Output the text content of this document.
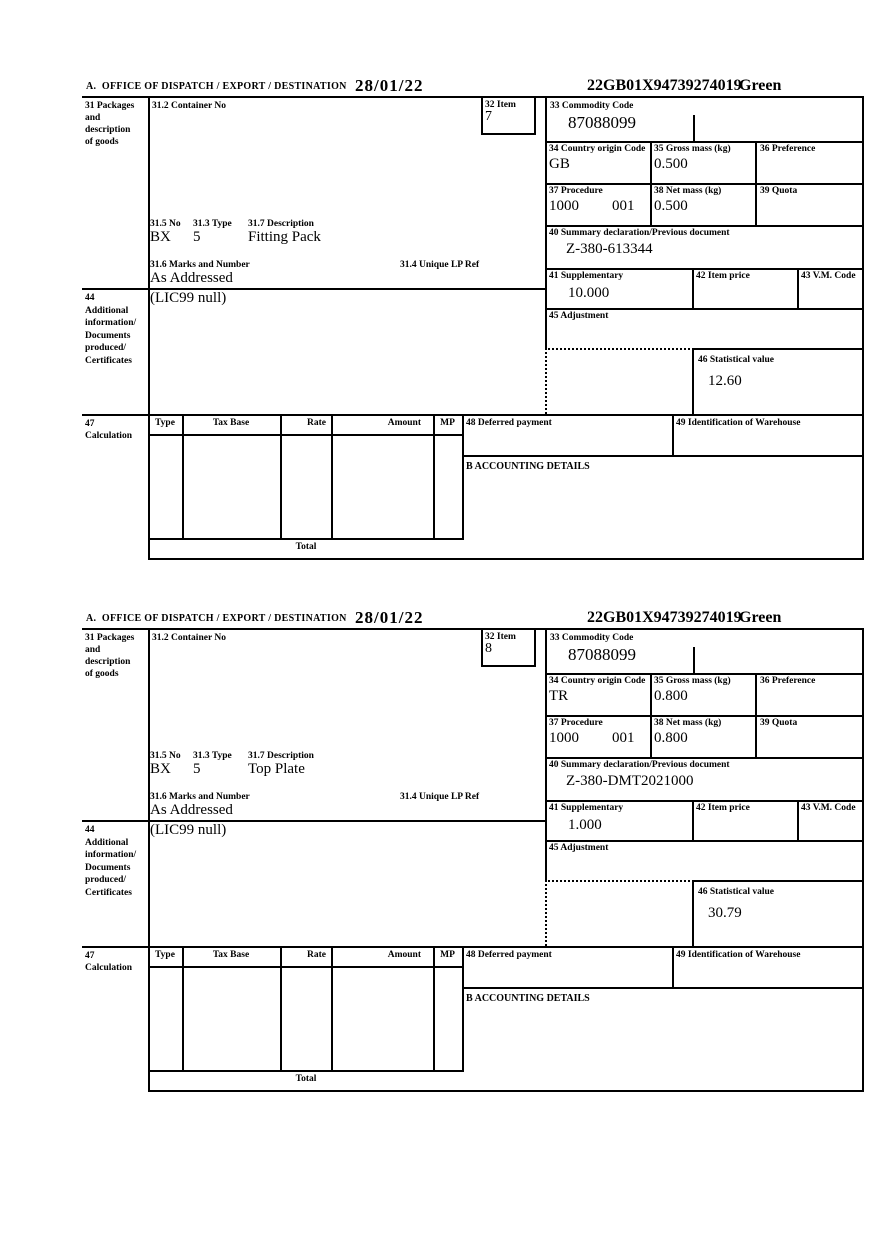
A.  OFFICE OF DISPATCH / EXPORT / DESTINATION 28/01/22	22GB01X94739274019
Green
31 Packages
and
description
of goods
31.2 Container No	32 Item
7
33 Commodity Code
87088099
34 Country origin Code
GB
35 Gross mass (kg)
0.500
36 Preference
37 Procedure
1000 001
38 Net mass (kg)
0.500
39 Quota
40 Summary declaration/Previous document
Z-380-613344
41 Supplementary
10.000
42 Item price	43 V.M. Code
45 Adjustment
46 Statistical value
12.60
31.5 No 31.3 Type 31.7 Description
BX 5	Fitting Pack
31.6 Marks and Number	31.4 Unique LP Ref
As Addressed
44
Additional
information/
Documents
produced/
Certificates
(LIC99 null)
47
Calculation
Type	Tax Base	Rate	Amount	MP
Total
48 Deferred payment	49 Identification of Warehouse
B ACCOUNTING DETAILS
A.  OFFICE OF DISPATCH / EXPORT / DESTINATION 28/01/22	22GB01X94739274019
Green
31 Packages
and
description
of goods
31.2 Container No	32 Item
8
33 Commodity Code
87088099
34 Country origin Code
TR
35 Gross mass (kg)
0.800
36 Preference
37 Procedure
1000 001
38 Net mass (kg)
0.800
39 Quota
40 Summary declaration/Previous document
Z-380-DMT2021000
41 Supplementary
1.000
42 Item price	43 V.M. Code
45 Adjustment
46 Statistical value
30.79
31.5 No 31.3 Type 31.7 Description
BX 5	Top Plate
31.6 Marks and Number	31.4 Unique LP Ref
As Addressed
44
Additional
information/
Documents
produced/
Certificates
(LIC99 null)
47
Calculation
Type	Tax Base	Rate	Amount	MP
Total
48 Deferred payment	49 Identification of Warehouse
B ACCOUNTING DETAILS
